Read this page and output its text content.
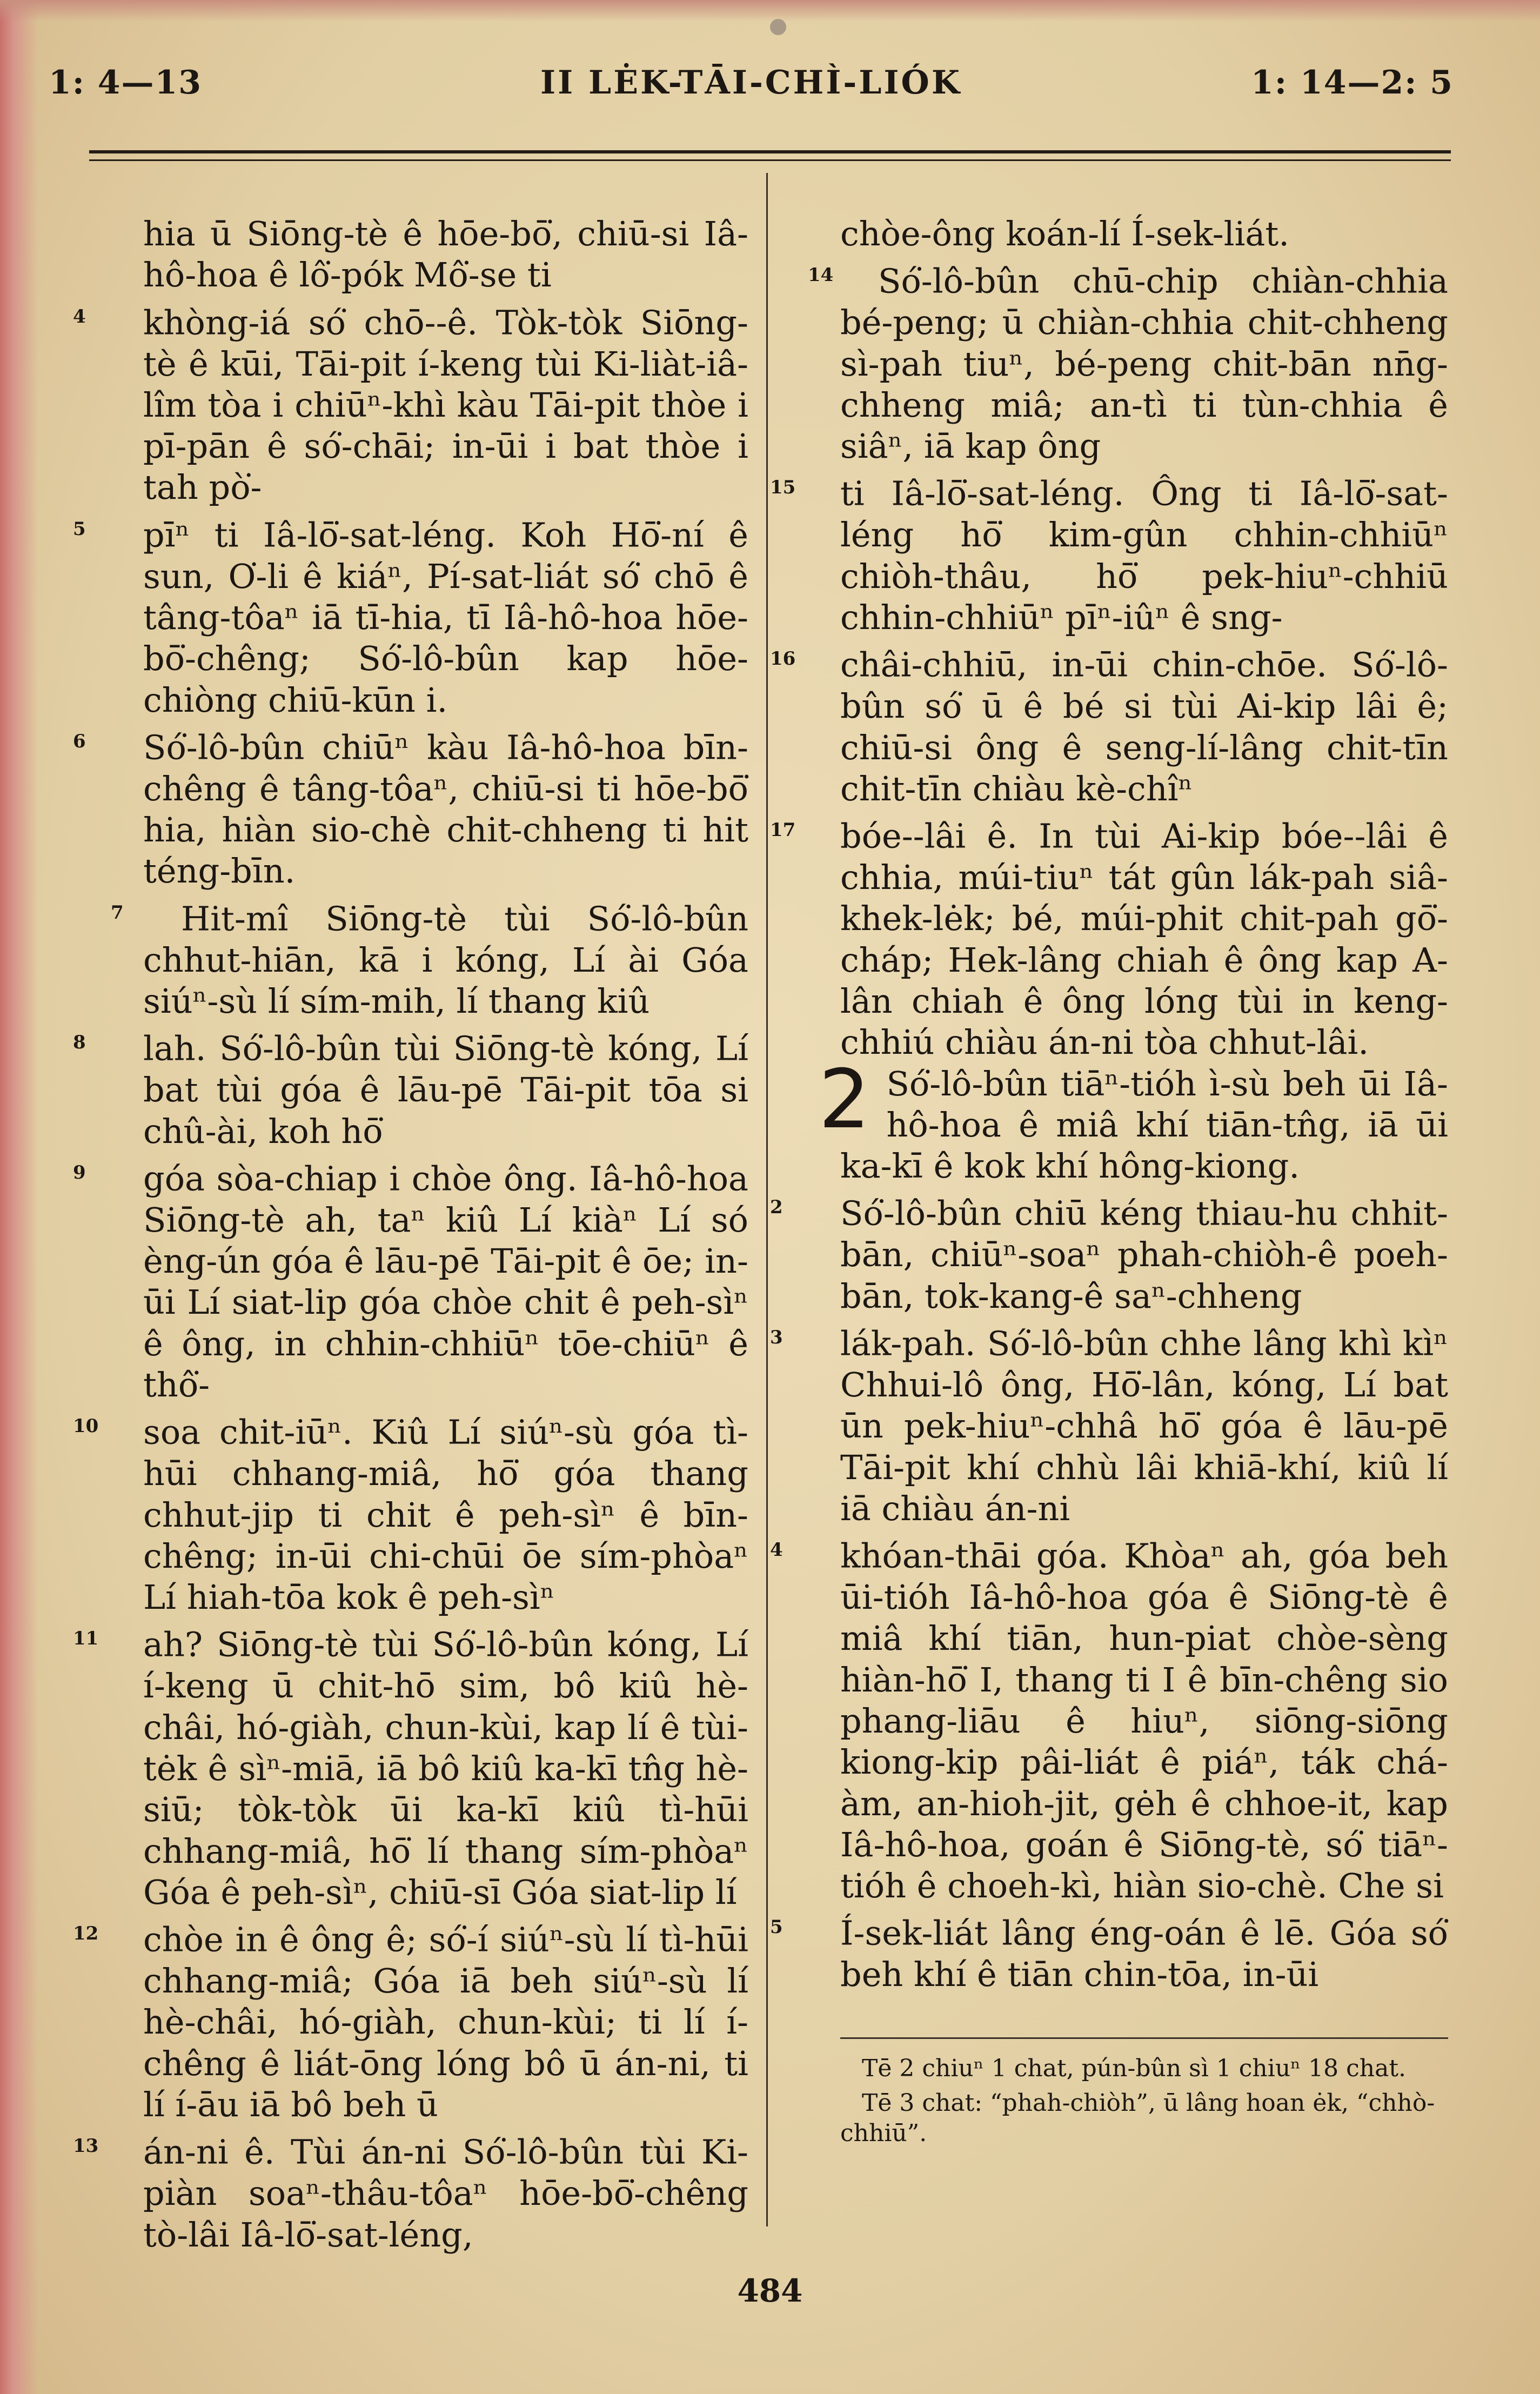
1: 4—13	II LĖK-TĀI-CHÌ-LIÓK	1: 14—2: 5

hia ū Siōng-tè ê hōe-bō͘, chiū-si Iâ-hô-hoa ê lô͘-pók Mô͘-se ti

4 khòng-iá só͘ chō--ê. Tòk-tòk Siōng-tè ê kūi, Tāi-pit í-keng tùi Ki-liàt-iâ-lîm tòa i chiūⁿ-khì kàu Tāi-pit thòe i pī-pān ê só͘-chāi; in-ūi i bat thòe i tah pò͘-

5 pīⁿ ti Iâ-lō͘-sat-léng. Koh Hō͘-ní ê sun, O͘-li ê kiáⁿ, Pí-sat-liát só͘ chō ê tâng-tôaⁿ iā tī-hia, tī Iâ-hô-hoa hōe-bō͘-chêng; Só͘-lô-bûn kap hōe-chiòng chiū-kūn i.

6 Só͘-lô-bûn chiūⁿ kàu Iâ-hô-hoa bīn-chêng ê tâng-tôaⁿ, chiū-si ti hōe-bō͘ hia, hiàn sio-chè chit-chheng ti hit téng-bīn.

7 Hit-mî Siōng-tè tùi Só͘-lô-bûn chhut-hiān, kā i kóng, Lí ài Góa siúⁿ-sù lí sím-mih, lí thang kiû

8 lah. Só͘-lô-bûn tùi Siōng-tè kóng, Lí bat tùi góa ê lāu-pē Tāi-pit tōa si chû-ài, koh hō͘

9 góa sòa-chiap i chòe ông. Iâ-hô-hoa Siōng-tè ah, taⁿ kiû Lí kiàⁿ Lí só èng-ún góa ê lāu-pē Tāi-pit ê ōe; in-ūi Lí siat-lip góa chòe chit ê peh-sìⁿ ê ông, in chhin-chhiūⁿ tōe-chiūⁿ ê thô͘-

10 soa chit-iūⁿ. Kiû Lí siúⁿ-sù góa tì-hūi chhang-miâ, hō͘ góa thang chhut-jip ti chit ê peh-sìⁿ ê bīn-chêng; in-ūi chi-chūi ōe sím-phòaⁿ Lí hiah-tōa kok ê peh-sìⁿ

11 ah? Siōng-tè tùi Só͘-lô-bûn kóng, Lí í-keng ū chit-hō sim, bô kiû hè-châi, hó-giàh, chun-kùi, kap lí ê tùi-tėk ê sìⁿ-miā, iā bô kiû ka-kī tn̂g hè-siū; tòk-tòk ūi ka-kī kiû tì-hūi chhang-miâ, hō͘ lí thang sím-phòaⁿ Góa ê peh-sìⁿ, chiū-sī Góa siat-lip lí

12 chòe in ê ông ê; só͘-í siúⁿ-sù lí tì-hūi chhang-miâ; Góa iā beh siúⁿ-sù lí hè-châi, hó-giàh, chun-kùi; ti lí í-chêng ê liát-ōng lóng bô ū án-ni, ti lí í-āu iā bô beh ū

13 án-ni ê. Tùi án-ni Só͘-lô-bûn tùi Ki-piàn soaⁿ-thâu-tôaⁿ hōe-bō͘-chêng tò-lâi Iâ-lō͘-sat-léng,

chòe-ông koán-lí Í-sek-liát.

14 Só͘-lô-bûn chū-chip chiàn-chhia bé-peng; ū chiàn-chhia chit-chheng sì-pah tiuⁿ, bé-peng chit-bān nn̄g-chheng miâ; an-tì ti tùn-chhia ê siâⁿ, iā kap ông

15 ti Iâ-lō͘-sat-léng. Ông ti Iâ-lō͘-sat-léng hō͘ kim-gûn chhin-chhiūⁿ chiòh-thâu, hō͘ pek-hiuⁿ-chhiū chhin-chhiūⁿ pīⁿ-iûⁿ ê sng-

16 châi-chhiū, in-ūi chin-chōe. Só͘-lô-bûn só͘ ū ê bé si tùi Ai-kip lâi ê; chiū-si ông ê seng-lí-lâng chit-tīn chit-tīn chiàu kè-chîⁿ

17 bóe--lâi ê. In tùi Ai-kip bóe--lâi ê chhia, múi-tiuⁿ tát gûn lák-pah siâ-khek-lėk; bé, múi-phit chit-pah gō͘-cháp; Hek-lâng chiah ê ông kap A-lân chiah ê ông lóng tùi in keng-chhiú chiàu án-ni tòa chhut-lâi.

2 Só͘-lô-bûn tiāⁿ-tióh ì-sù beh ūi Iâ-hô-hoa ê miâ khí tiān-tn̂g, iā ūi ka-kī ê kok khí hông-kiong.

2 Só͘-lô-bûn chiū kéng thiau-hu chhit-bān, chiūⁿ-soaⁿ phah-chiòh-ê poeh-bān, tok-kang-ê saⁿ-chheng

3 lák-pah. Só͘-lô-bûn chhe lâng khì kìⁿ Chhui-lô ông, Hō͘-lân, kóng, Lí bat ūn pek-hiuⁿ-chhâ hō͘ góa ê lāu-pē Tāi-pit khí chhù lâi khiā-khí, kiû lí iā chiàu án-ni

4 khóan-thāi góa. Khòaⁿ ah, góa beh ūi-tióh Iâ-hô-hoa góa ê Siōng-tè ê miâ khí tiān, hun-piat chòe-sèng hiàn-hō͘ I, thang ti I ê bīn-chêng sio phang-liāu ê hiuⁿ, siōng-siōng kiong-kip pâi-liát ê piáⁿ, ták chá-àm, an-hioh-jit, gėh ê chhoe-it, kap Iâ-hô-hoa, goán ê Siōng-tè, só͘ tiāⁿ-tióh ê choeh-kì, hiàn sio-chè. Che si

5 Í-sek-liát lâng éng-oán ê lē. Góa só͘ beh khí ê tiān chin-tōa, in-ūi

Tē 2 chiuⁿ 1 chat, pún-bûn sì 1 chiuⁿ 18 chat.

Tē 3 chat: “phah-chiòh”, ū lâng hoan ėk, “chhò-chhiū”.

484
